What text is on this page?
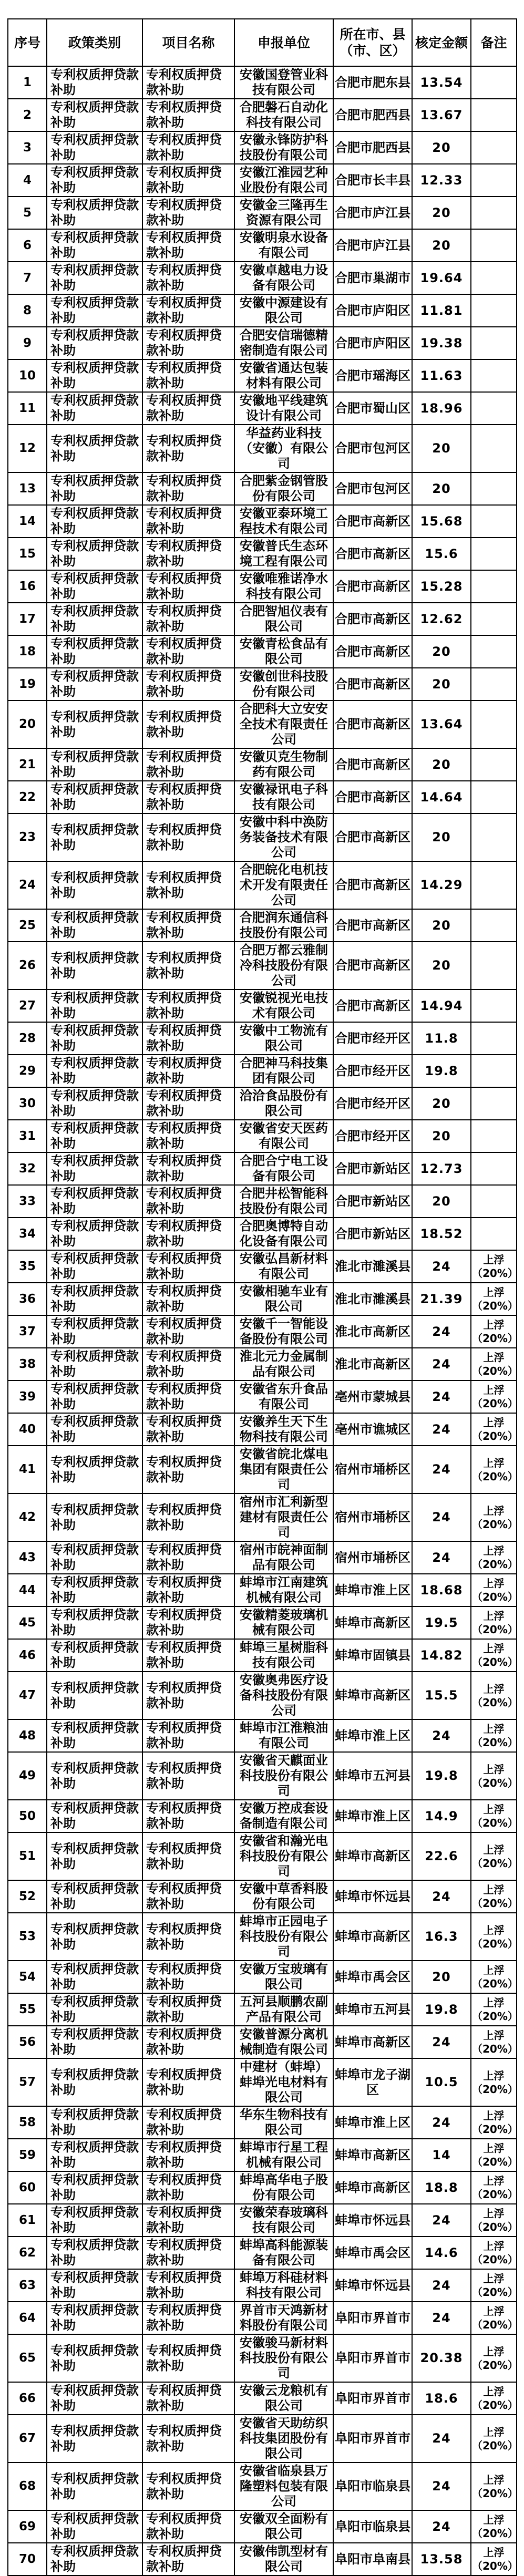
序号	政策类别	项目名称	申报单位	所在市、县（市、区）	核定金额	备注
1	专利权质押贷款补助	专利权质押贷款补助	安徽国登管业科技有限公司	合肥市肥东县	13.54	
2	专利权质押贷款补助	专利权质押贷款补助	合肥磐石自动化科技有限公司	合肥市肥西县	13.67	
3	专利权质押贷款补助	专利权质押贷款补助	安徽永锋防护科技股份有限公司	合肥市肥西县	20	
4	专利权质押贷款补助	专利权质押贷款补助	安徽江淮园艺种业股份有限公司	合肥市长丰县	12.33	
5	专利权质押贷款补助	专利权质押贷款补助	安徽金三隆再生资源有限公司	合肥市庐江县	20	
6	专利权质押贷款补助	专利权质押贷款补助	安徽明泉水设备有限公司	合肥市庐江县	20	
7	专利权质押贷款补助	专利权质押贷款补助	安徽卓越电力设备有限公司	合肥市巢湖市	19.64	
8	专利权质押贷款补助	专利权质押贷款补助	安徽中源建设有限公司	合肥市庐阳区	11.81	
9	专利权质押贷款补助	专利权质押贷款补助	合肥安信瑞德精密制造有限公司	合肥市庐阳区	19.38	
10	专利权质押贷款补助	专利权质押贷款补助	安徽省通达包装材料有限公司	合肥市瑶海区	11.63	
11	专利权质押贷款补助	专利权质押贷款补助	安徽地平线建筑设计有限公司	合肥市蜀山区	18.96	
12	专利权质押贷款补助	专利权质押贷款补助	华益药业科技（安徽）有限公司	合肥市包河区	20	
13	专利权质押贷款补助	专利权质押贷款补助	合肥紫金钢管股份有限公司	合肥市包河区	20	
14	专利权质押贷款补助	专利权质押贷款补助	安徽亚泰环境工程技术有限公司	合肥市高新区	15.68	
15	专利权质押贷款补助	专利权质押贷款补助	安徽普氏生态环境工程有限公司	合肥市高新区	15.6	
16	专利权质押贷款补助	专利权质押贷款补助	安徽唯雅诺净水科技有限公司	合肥市高新区	15.28	
17	专利权质押贷款补助	专利权质押贷款补助	合肥智旭仪表有限公司	合肥市高新区	12.62	
18	专利权质押贷款补助	专利权质押贷款补助	安徽青松食品有限公司	合肥市高新区	20	
19	专利权质押贷款补助	专利权质押贷款补助	安徽创世科技股份有限公司	合肥市高新区	20	
20	专利权质押贷款补助	专利权质押贷款补助	合肥科大立安安全技术有限责任公司	合肥市高新区	13.64	
21	专利权质押贷款补助	专利权质押贷款补助	安徽贝克生物制药有限公司	合肥市高新区	20	
22	专利权质押贷款补助	专利权质押贷款补助	安徽禄讯电子科技有限公司	合肥市高新区	14.64	
23	专利权质押贷款补助	专利权质押贷款补助	安徽中科中涣防务装备技术有限公司	合肥市高新区	20	
24	专利权质押贷款补助	专利权质押贷款补助	合肥皖化电机技术开发有限责任公司	合肥市高新区	14.29	
25	专利权质押贷款补助	专利权质押贷款补助	合肥润东通信科技股份有限公司	合肥市高新区	20	
26	专利权质押贷款补助	专利权质押贷款补助	合肥万都云雅制冷科技股份有限公司	合肥市高新区	20	
27	专利权质押贷款补助	专利权质押贷款补助	安徽锐视光电技术有限公司	合肥市高新区	14.94	
28	专利权质押贷款补助	专利权质押贷款补助	安徽中工物流有限公司	合肥市经开区	11.8	
29	专利权质押贷款补助	专利权质押贷款补助	合肥神马科技集团有限公司	合肥市经开区	19.8	
30	专利权质押贷款补助	专利权质押贷款补助	洽洽食品股份有限公司	合肥市经开区	20	
31	专利权质押贷款补助	专利权质押贷款补助	安徽省安天医药有限公司	合肥市经开区	20	
32	专利权质押贷款补助	专利权质押贷款补助	合肥合宁电工设备有限公司	合肥市新站区	12.73	
33	专利权质押贷款补助	专利权质押贷款补助	合肥井松智能科技股份有限公司	合肥市新站区	20	
34	专利权质押贷款补助	专利权质押贷款补助	合肥奥博特自动化设备有限公司	合肥市新站区	18.52	
35	专利权质押贷款补助	专利权质押贷款补助	安徽弘昌新材料有限公司	淮北市濉溪县	24	上浮（20%）
36	专利权质押贷款补助	专利权质押贷款补助	安徽相驰车业有限公司	淮北市濉溪县	21.39	上浮（20%）
37	专利权质押贷款补助	专利权质押贷款补助	安徽千一智能设备股份有限公司	淮北市高新区	24	上浮（20%）
38	专利权质押贷款补助	专利权质押贷款补助	淮北元力金属制品有限公司	淮北市高新区	24	上浮（20%）
39	专利权质押贷款补助	专利权质押贷款补助	安徽省东升食品有限公司	亳州市蒙城县	24	上浮（20%）
40	专利权质押贷款补助	专利权质押贷款补助	安徽养生天下生物科技有限公司	亳州市谯城区	24	上浮（20%）
41	专利权质押贷款补助	专利权质押贷款补助	安徽省皖北煤电集团有限责任公司	宿州市埇桥区	24	上浮（20%）
42	专利权质押贷款补助	专利权质押贷款补助	宿州市汇利新型建材有限责任公司	宿州市埇桥区	24	上浮（20%）
43	专利权质押贷款补助	专利权质押贷款补助	宿州市皖神面制品有限公司	宿州市埇桥区	24	上浮（20%）
44	专利权质押贷款补助	专利权质押贷款补助	蚌埠市江南建筑机械有限公司	蚌埠市淮上区	18.68	上浮（20%）
45	专利权质押贷款补助	专利权质押贷款补助	安徽精菱玻璃机械有限公司	蚌埠市高新区	19.5	上浮（20%）
46	专利权质押贷款补助	专利权质押贷款补助	蚌埠三星树脂科技有限公司	蚌埠市固镇县	14.82	上浮（20%）
47	专利权质押贷款补助	专利权质押贷款补助	安徽奥弗医疗设备科技股份有限公司	蚌埠市高新区	15.5	上浮（20%）
48	专利权质押贷款补助	专利权质押贷款补助	蚌埠市江淮粮油有限公司	蚌埠市淮上区	24	上浮（20%）
49	专利权质押贷款补助	专利权质押贷款补助	安徽省天麒面业科技股份有限公司	蚌埠市五河县	19.8	上浮（20%）
50	专利权质押贷款补助	专利权质押贷款补助	安徽万控成套设备制造有限公司	蚌埠市淮上区	14.9	上浮（20%）
51	专利权质押贷款补助	专利权质押贷款补助	安徽省和瀚光电科技股份有限公司	蚌埠市高新区	22.6	上浮（20%）
52	专利权质押贷款补助	专利权质押贷款补助	安徽中草香料股份有限公司	蚌埠市怀远县	24	上浮（20%）
53	专利权质押贷款补助	专利权质押贷款补助	蚌埠市正园电子科技股份有限公司	蚌埠市高新区	16.3	上浮（20%）
54	专利权质押贷款补助	专利权质押贷款补助	安徽万宝玻璃有限公司	蚌埠市禹会区	20	上浮（20%）
55	专利权质押贷款补助	专利权质押贷款补助	五河县顺鹏农副产品有限公司	蚌埠市五河县	19.8	上浮（20%）
56	专利权质押贷款补助	专利权质押贷款补助	安徽普源分离机械制造有限公司	蚌埠市高新区	24	上浮（20%）
57	专利权质押贷款补助	专利权质押贷款补助	中建材（蚌埠）蚌埠光电材料有限公司	蚌埠市龙子湖区	10.5	上浮（20%）
58	专利权质押贷款补助	专利权质押贷款补助	华东生物科技有限公司	蚌埠市淮上区	24	上浮（20%）
59	专利权质押贷款补助	专利权质押贷款补助	蚌埠市行星工程机械有限公司	蚌埠市高新区	14	上浮（20%）
60	专利权质押贷款补助	专利权质押贷款补助	蚌埠高华电子股份有限公司	蚌埠市高新区	18.8	上浮（20%）
61	专利权质押贷款补助	专利权质押贷款补助	安徽荣春玻璃科技有限公司	蚌埠市怀远县	24	上浮（20%）
62	专利权质押贷款补助	专利权质押贷款补助	蚌埠高科能源装备有限公司	蚌埠市禹会区	14.6	上浮（20%）
63	专利权质押贷款补助	专利权质押贷款补助	蚌埠万科硅材料科技有限公司	蚌埠市怀远县	24	上浮（20%）
64	专利权质押贷款补助	专利权质押贷款补助	界首市天鸿新材料股份有限公司	阜阳市界首市	24	上浮（20%）
65	专利权质押贷款补助	专利权质押贷款补助	安徽骏马新材料科技股份有限公司	阜阳市界首市	20.38	上浮（20%）
66	专利权质押贷款补助	专利权质押贷款补助	安徽云龙粮机有限公司	阜阳市界首市	18.6	上浮（20%）
67	专利权质押贷款补助	专利权质押贷款补助	安徽省天助纺织科技集团股份有限公司	阜阳市界首市	24	上浮（20%）
68	专利权质押贷款补助	专利权质押贷款补助	安徽省临泉县万隆塑料包装有限公司	阜阳市临泉县	24	上浮（20%）
69	专利权质押贷款补助	专利权质押贷款补助	安徽双全面粉有限公司	阜阳市临泉县	24	上浮（20%）
70	专利权质押贷款补助	专利权质押贷款补助	安徽伟凯型材有限公司	阜阳市阜南县	13.58	上浮（20%）
